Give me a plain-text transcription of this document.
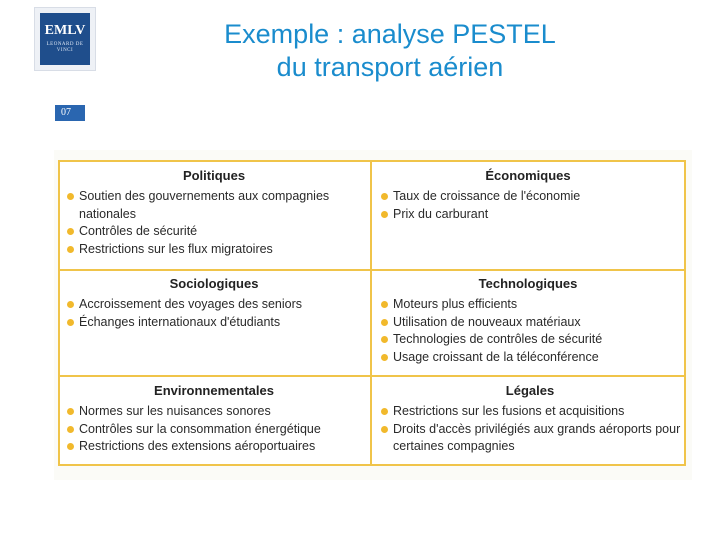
EMLV
LEONARD DE VINCI
Exemple : analyse PESTEL
du transport aérien
07
Politiques
Soutien des gouvernements aux compagnies
nationales
Contrôles de sécurité
Restrictions sur les flux migratoires
Économiques
Taux de croissance de l'économie
Prix du carburant
Sociologiques
Accroissement des voyages des seniors
Échanges internationaux d'étudiants
Technologiques
Moteurs plus efficients
Utilisation de nouveaux matériaux
Technologies de contrôles de sécurité
Usage croissant de la téléconférence
Environnementales
Normes sur les nuisances sonores
Contrôles sur la consommation énergétique
Restrictions des extensions aéroportuaires
Légales
Restrictions sur les fusions et acquisitions
Droits d'accès privilégiés aux grands aéroports pour
certaines compagnies
